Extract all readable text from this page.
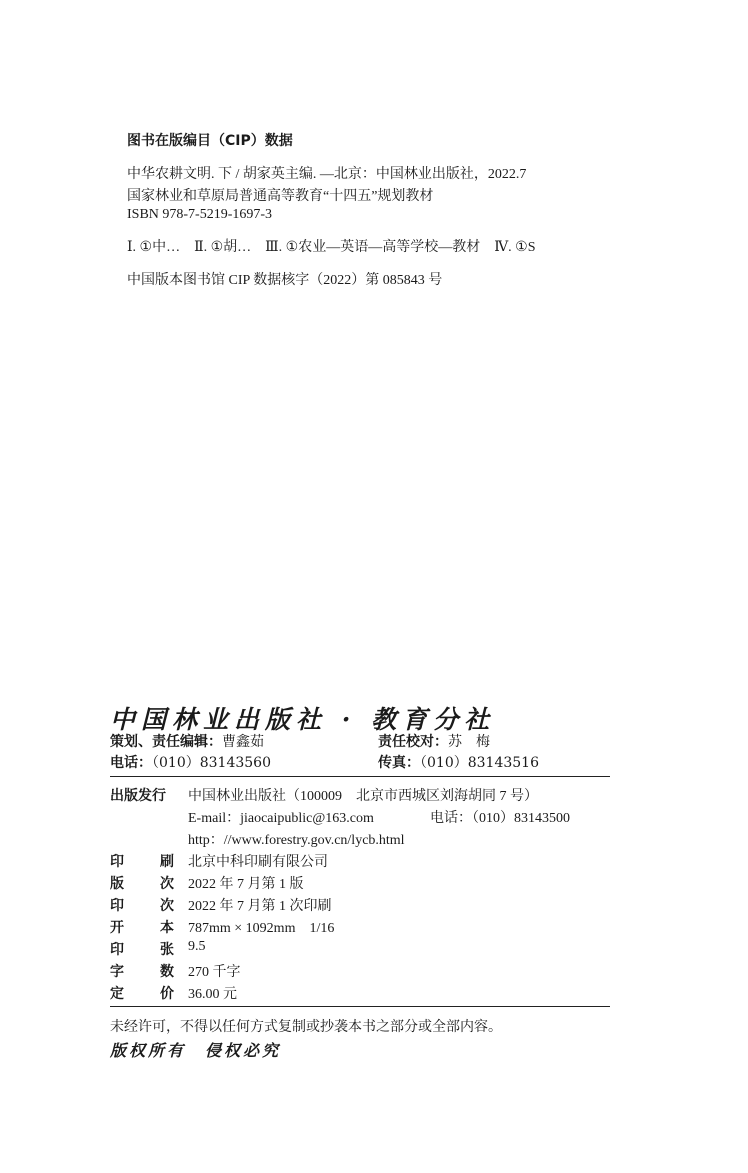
图书在版编目（CIP）数据
中华农耕文明. 下 / 胡家英主编. —北京：中国林业出版社，2022.7
国家林业和草原局普通高等教育“十四五”规划教材
ISBN 978-7-5219-1697-3
Ⅰ. ①中…　Ⅱ. ①胡…　Ⅲ. ①农业—英语—高等学校—教材　Ⅳ. ①S
中国版本图书馆 CIP 数据核字（2022）第 085843 号
中国林业出版社 · 教育分社
策划、责任编辑：曹鑫茹	责任校对：苏　梅
电话：（010）83143560	传真：（010）83143516
出版发行	中国林业出版社（100009　北京市西城区刘海胡同 7 号）
E-mail：jiaocaipublic@163.com	电话：（010）83143500
http：//www.forestry.gov.cn/lycb.html
印	刷 北京中科印刷有限公司
版	次 2022 年 7 月第 1 版
印	次 2022 年 7 月第 1 次印刷
开	本 787mm × 1092mm　1/16
印	张 9.5
字	数 270 千字
定	价 36.00 元
未经许可，不得以任何方式复制或抄袭本书之部分或全部内容。
版权所有　侵权必究
